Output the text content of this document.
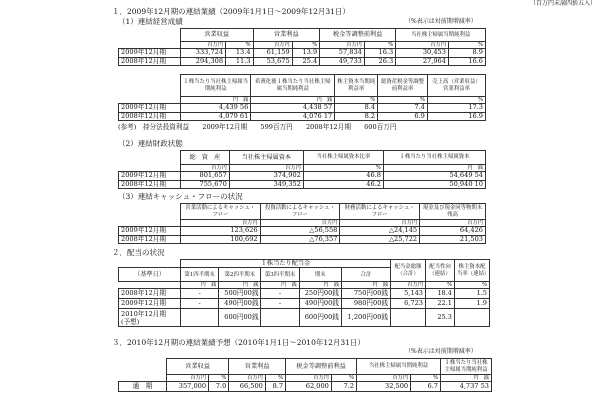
（百万円未満四捨五入）
１．2009年12月期の連結業績（2009年1月1日～2009年12月31日）
（1）連結経営成績	（%表示は対前期増減率）
	営業収益		営業利益		税金等調整前利益		当社株主帰属当期純利益	
	百万円	%	百万円	%	百万円	%	百万円	%
2009年12月期	333,724	13.4	61,159	13.9	57,834	16.3	30,453	8.9
2008年12月期	294,308	11.3	53,675	25.4	49,733	26.3	27,964	16.6
	１株当たり当社株主帰属当期純利益	希薄化後１株当たり当社株主帰属当期純利益	株主資本当期純利益率	総資産税金等調整前利益率	売上高（営業収益）営業利益率
	円　銭	円　銭	%	%	%
2009年12月期	4,439 56	4,438 57	8.4	7.4	17.3
2008年12月期	4,079 61	4,076 17	8.2	6.9	16.9
(参考)　持分法投資利益　　2009年12月期　　599百万円　　2008年12月期　　600百万円
（2）連結財政状態
	総　資　産	当社株主帰属資本	当社株主帰属資本比率	１株当たり当社株主帰属資本
	百万円	百万円	%	円　銭
2009年12月期	801,657	374,902	46.8	54,649 54
2008年12月期	755,670	349,352	46.2	50,940 10
（3）連結キャッシュ・フローの状況
	営業活動によるキャッシュ・フロー	投資活動によるキャッシュ・フロー	財務活動によるキャッシュ・フロー	現金及び現金同等物期末残高
	百万円	百万円	百万円	百万円
2009年12月期	123,626	△56,558	△24,145	64,426
2008年12月期	100,692	△76,357	△25,722	21,503
２．配当の状況
	１株当たり配当金					配当金総額（合計）	配当性向（連結）	株主資本配当率（連結）
（基準日）	第1四半期末	第2四半期末	第3四半期末	期末	合計			
	円　銭	円　銭	円　銭	円　銭	円　銭	百万円	%	%
2008年12月期	-	500円00銭	-	250円00銭	750円00銭	5,143	18.4	1.5
2009年12月期	-	490円00銭	-	490円00銭	980円00銭	6,723	22.1	1.9
2010年12月期
(予想)		600円00銭		600円00銭	1,200円00銭		25.3	
３．2010年12月期の連結業績予想（2010年1月1日～2010年12月31日）
（%表示は対前期増減率）
	営業収益		営業利益		税金等調整前利益		当社株主帰属当期純利益		１株当たり当社株主帰属当期純利益
	百万円	%	百万円	%	百万円	%	百万円	%	円　銭
通　期	357,000	7.0	66,500	8.7	62,000	7.2	32,500	6.7	4,737 53
